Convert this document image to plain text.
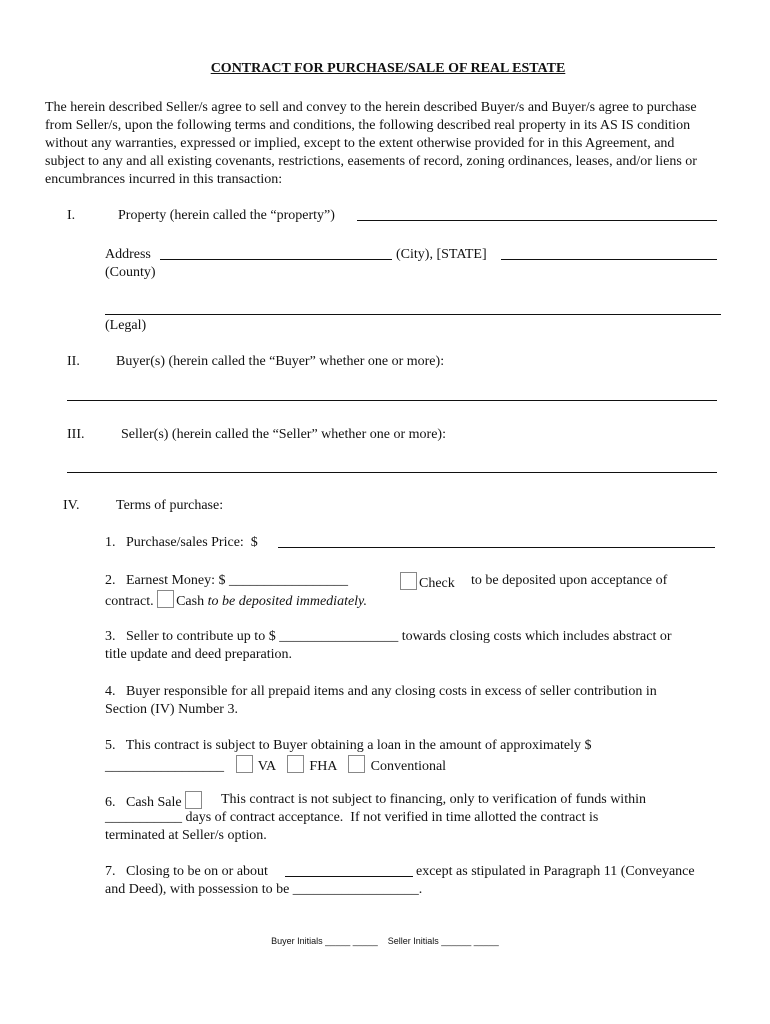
CONTRACT FOR PURCHASE/SALE OF REAL ESTATE
The herein described Seller/s agree to sell and convey to the herein described Buyer/s and Buyer/s agree to purchase from Seller/s, upon the following terms and conditions, the following described real property in its AS IS condition without any warranties, expressed or implied, except to the extent otherwise provided for in this Agreement, and subject to any and all existing covenants, restrictions, easements of record, zoning ordinances, leases, and/or liens or encumbrances incurred in this transaction:
I.	Property (herein called the “property”)
Address	(City), [STATE]
(County)
(Legal)
II.	Buyer(s) (herein called the “Buyer” whether one or more):
III.	Seller(s) (herein called the “Seller” whether one or more):
IV.	Terms of purchase:
1.   Purchase/sales Price:  $
2.   Earnest Money: $ _________________	Check to be deposited upon acceptance of
contract. Cash to be deposited immediately.
3.   Seller to contribute up to $ _________________ towards closing costs which includes abstract or
title update and deed preparation.
4.   Buyer responsible for all prepaid items and any closing costs in excess of seller contribution in
Section (IV) Number 3.
5.   This contract is subject to Buyer obtaining a loan in the amount of approximately $
_________________ VA FHA Conventional
6.   Cash Sale	This contract is not subject to financing, only to verification of funds within
___________ days of contract acceptance.  If not verified in time allotted the contract is
terminated at Seller/s option.
7.   Closing to be on or about	except as stipulated in Paragraph 11 (Conveyance
and Deed), with possession to be __________________.
Buyer Initials _____ _____    Seller Initials ______ _____
